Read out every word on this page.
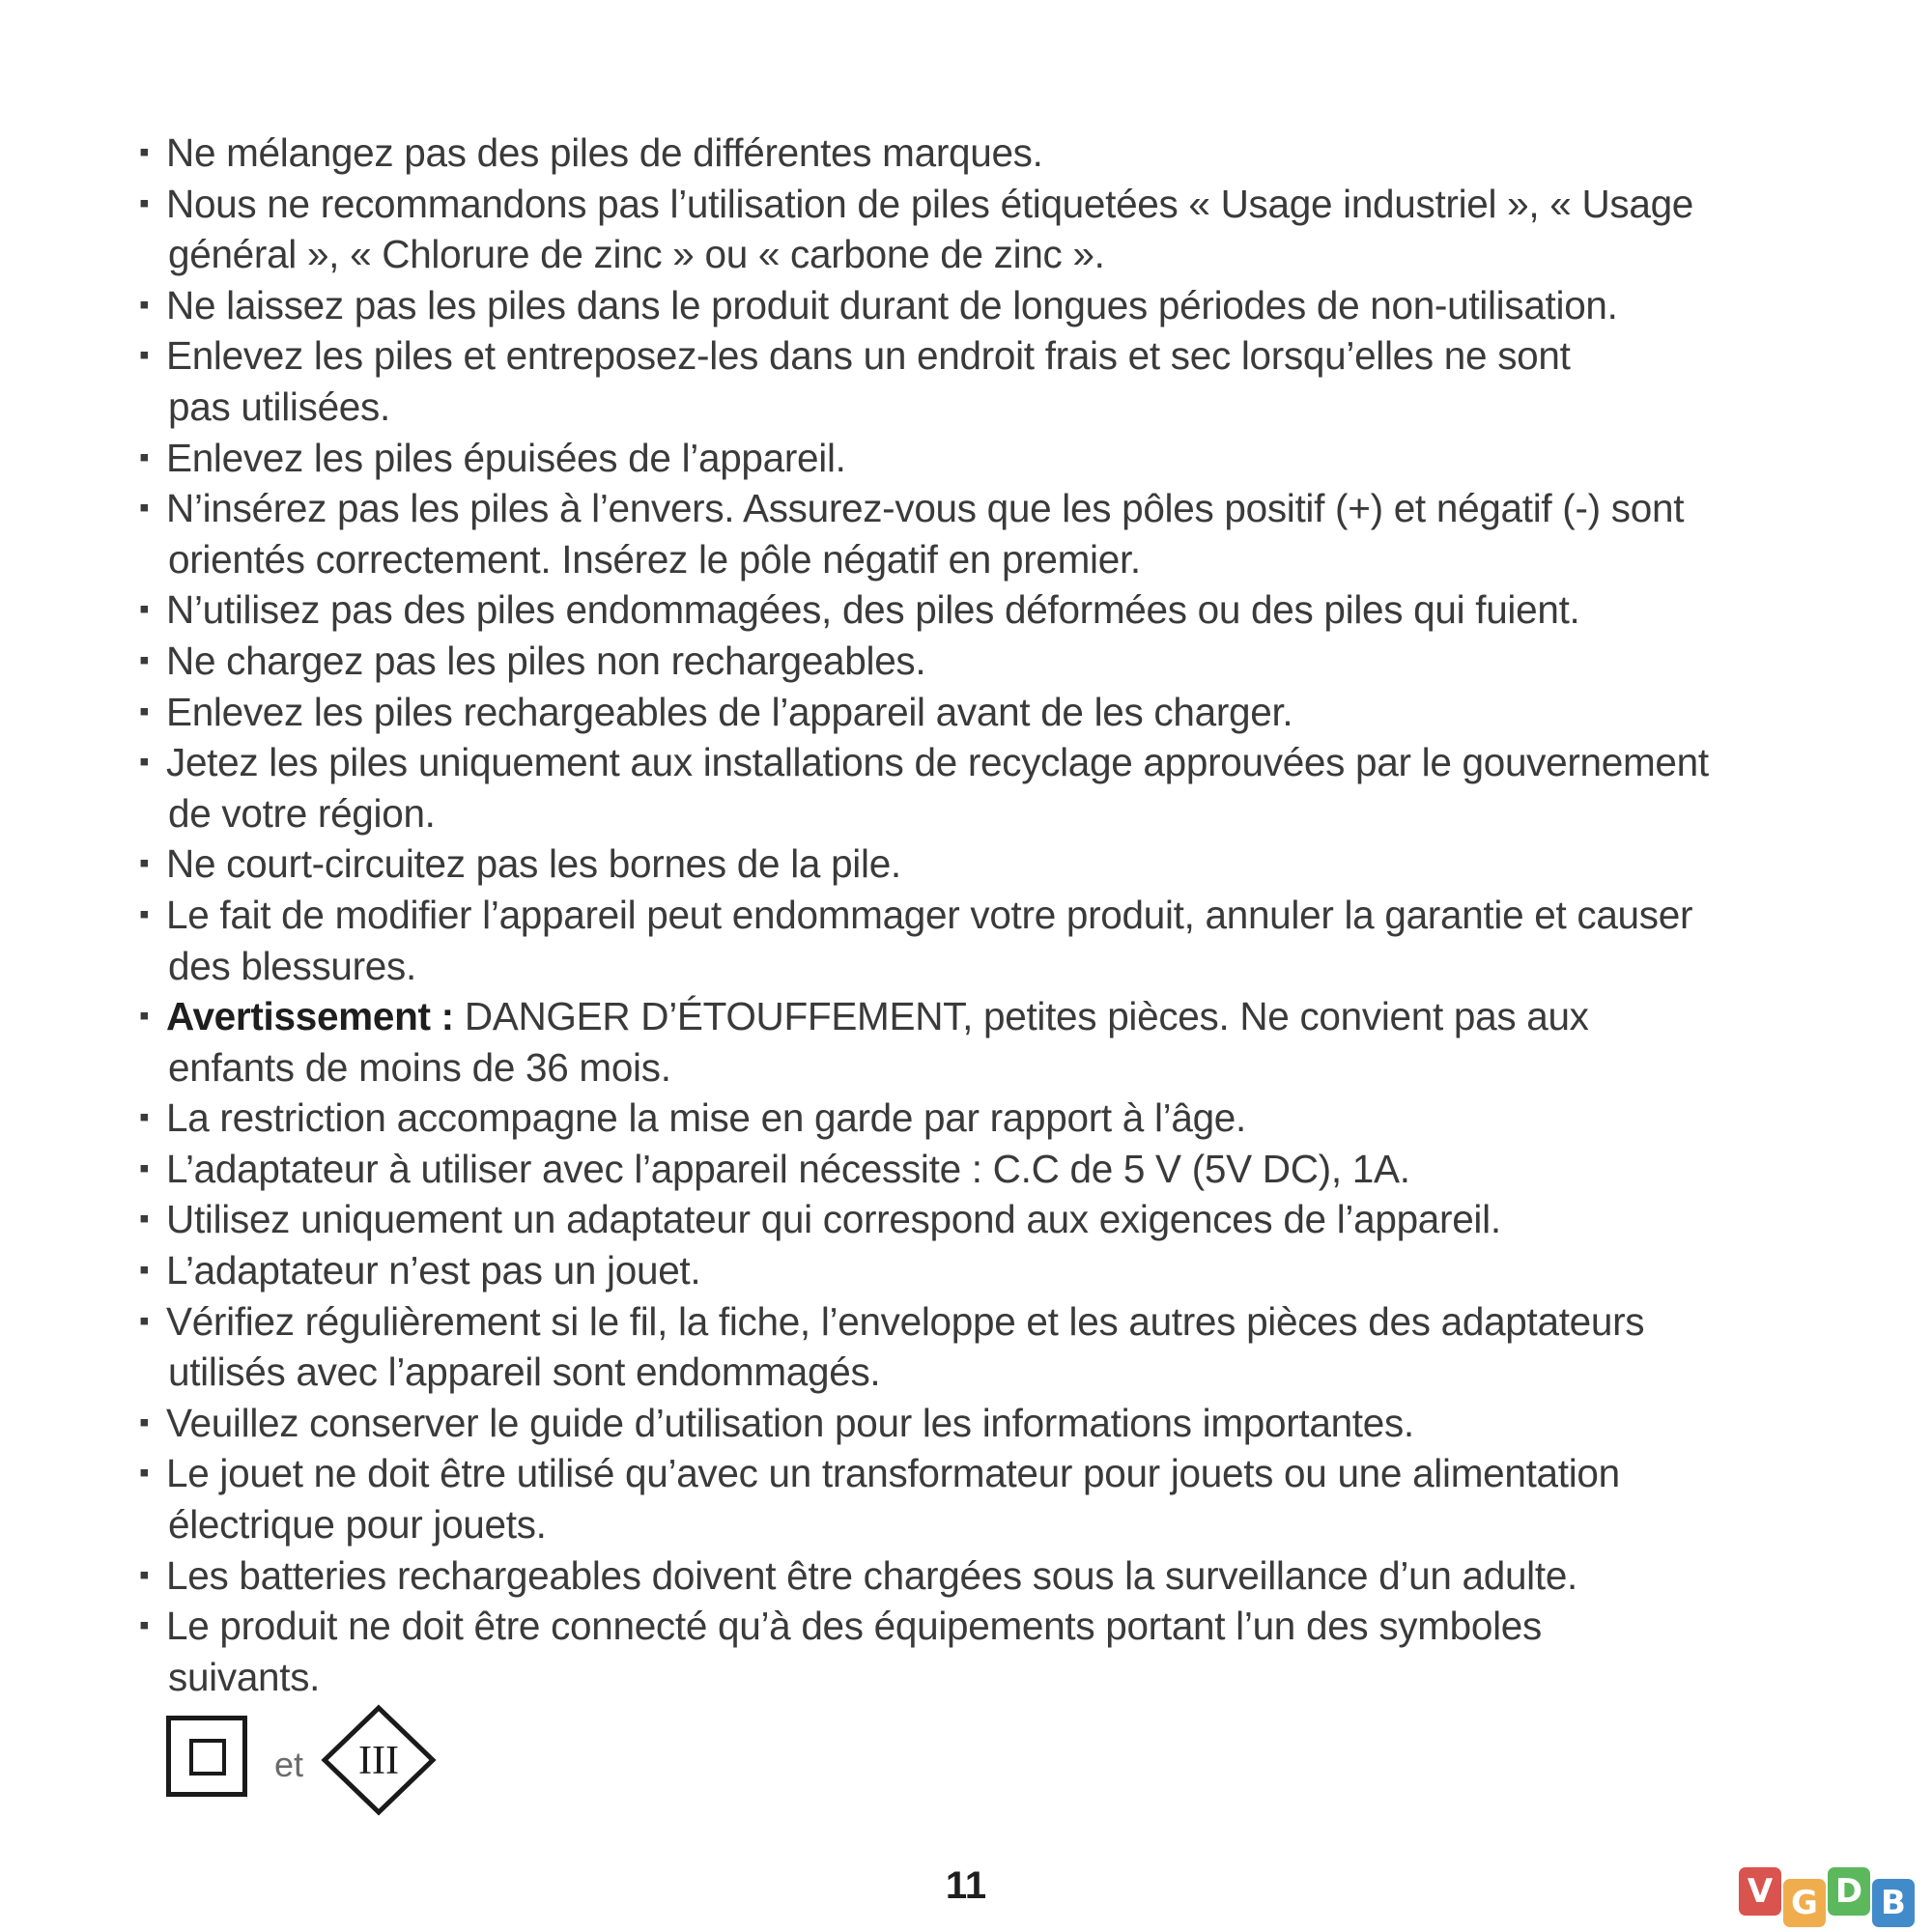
▪ Ne mélangez pas des piles de différentes marques.
▪ Nous ne recommandons pas l’utilisation de piles étiquetées « Usage industriel », « Usage
général », « Chlorure de zinc » ou « carbone de zinc ».
▪ Ne laissez pas les piles dans le produit durant de longues périodes de non-utilisation.
▪ Enlevez les piles et entreposez-les dans un endroit frais et sec lorsqu’elles ne sont
pas utilisées.
▪ Enlevez les piles épuisées de l’appareil.
▪ N’insérez pas les piles à l’envers. Assurez-vous que les pôles positif (+) et négatif (-) sont
orientés correctement. Insérez le pôle négatif en premier.
▪ N’utilisez pas des piles endommagées, des piles déformées ou des piles qui fuient.
▪ Ne chargez pas les piles non rechargeables.
▪ Enlevez les piles rechargeables de l’appareil avant de les charger.
▪ Jetez les piles uniquement aux installations de recyclage approuvées par le gouvernement
de votre région.
▪ Ne court-circuitez pas les bornes de la pile.
▪ Le fait de modifier l’appareil peut endommager votre produit, annuler la garantie et causer
des blessures.
▪ Avertissement : DANGER D’ÉTOUFFEMENT, petites pièces. Ne convient pas aux
enfants de moins de 36 mois.
▪ La restriction accompagne la mise en garde par rapport à l’âge.
▪ L’adaptateur à utiliser avec l’appareil nécessite : C.C de 5 V (5V DC), 1A.
▪ Utilisez uniquement un adaptateur qui correspond aux exigences de l’appareil.
▪ L’adaptateur n’est pas un jouet.
▪ Vérifiez régulièrement si le fil, la fiche, l’enveloppe et les autres pièces des adaptateurs
utilisés avec l’appareil sont endommagés.
▪ Veuillez conserver le guide d’utilisation pour les informations importantes.
▪ Le jouet ne doit être utilisé qu’avec un transformateur pour jouets ou une alimentation
électrique pour jouets.
▪ Les batteries rechargeables doivent être chargées sous la surveillance d’un adulte.
▪ Le produit ne doit être connecté qu’à des équipements portant l’un des symboles
suivants.
et III
11	V G D B
